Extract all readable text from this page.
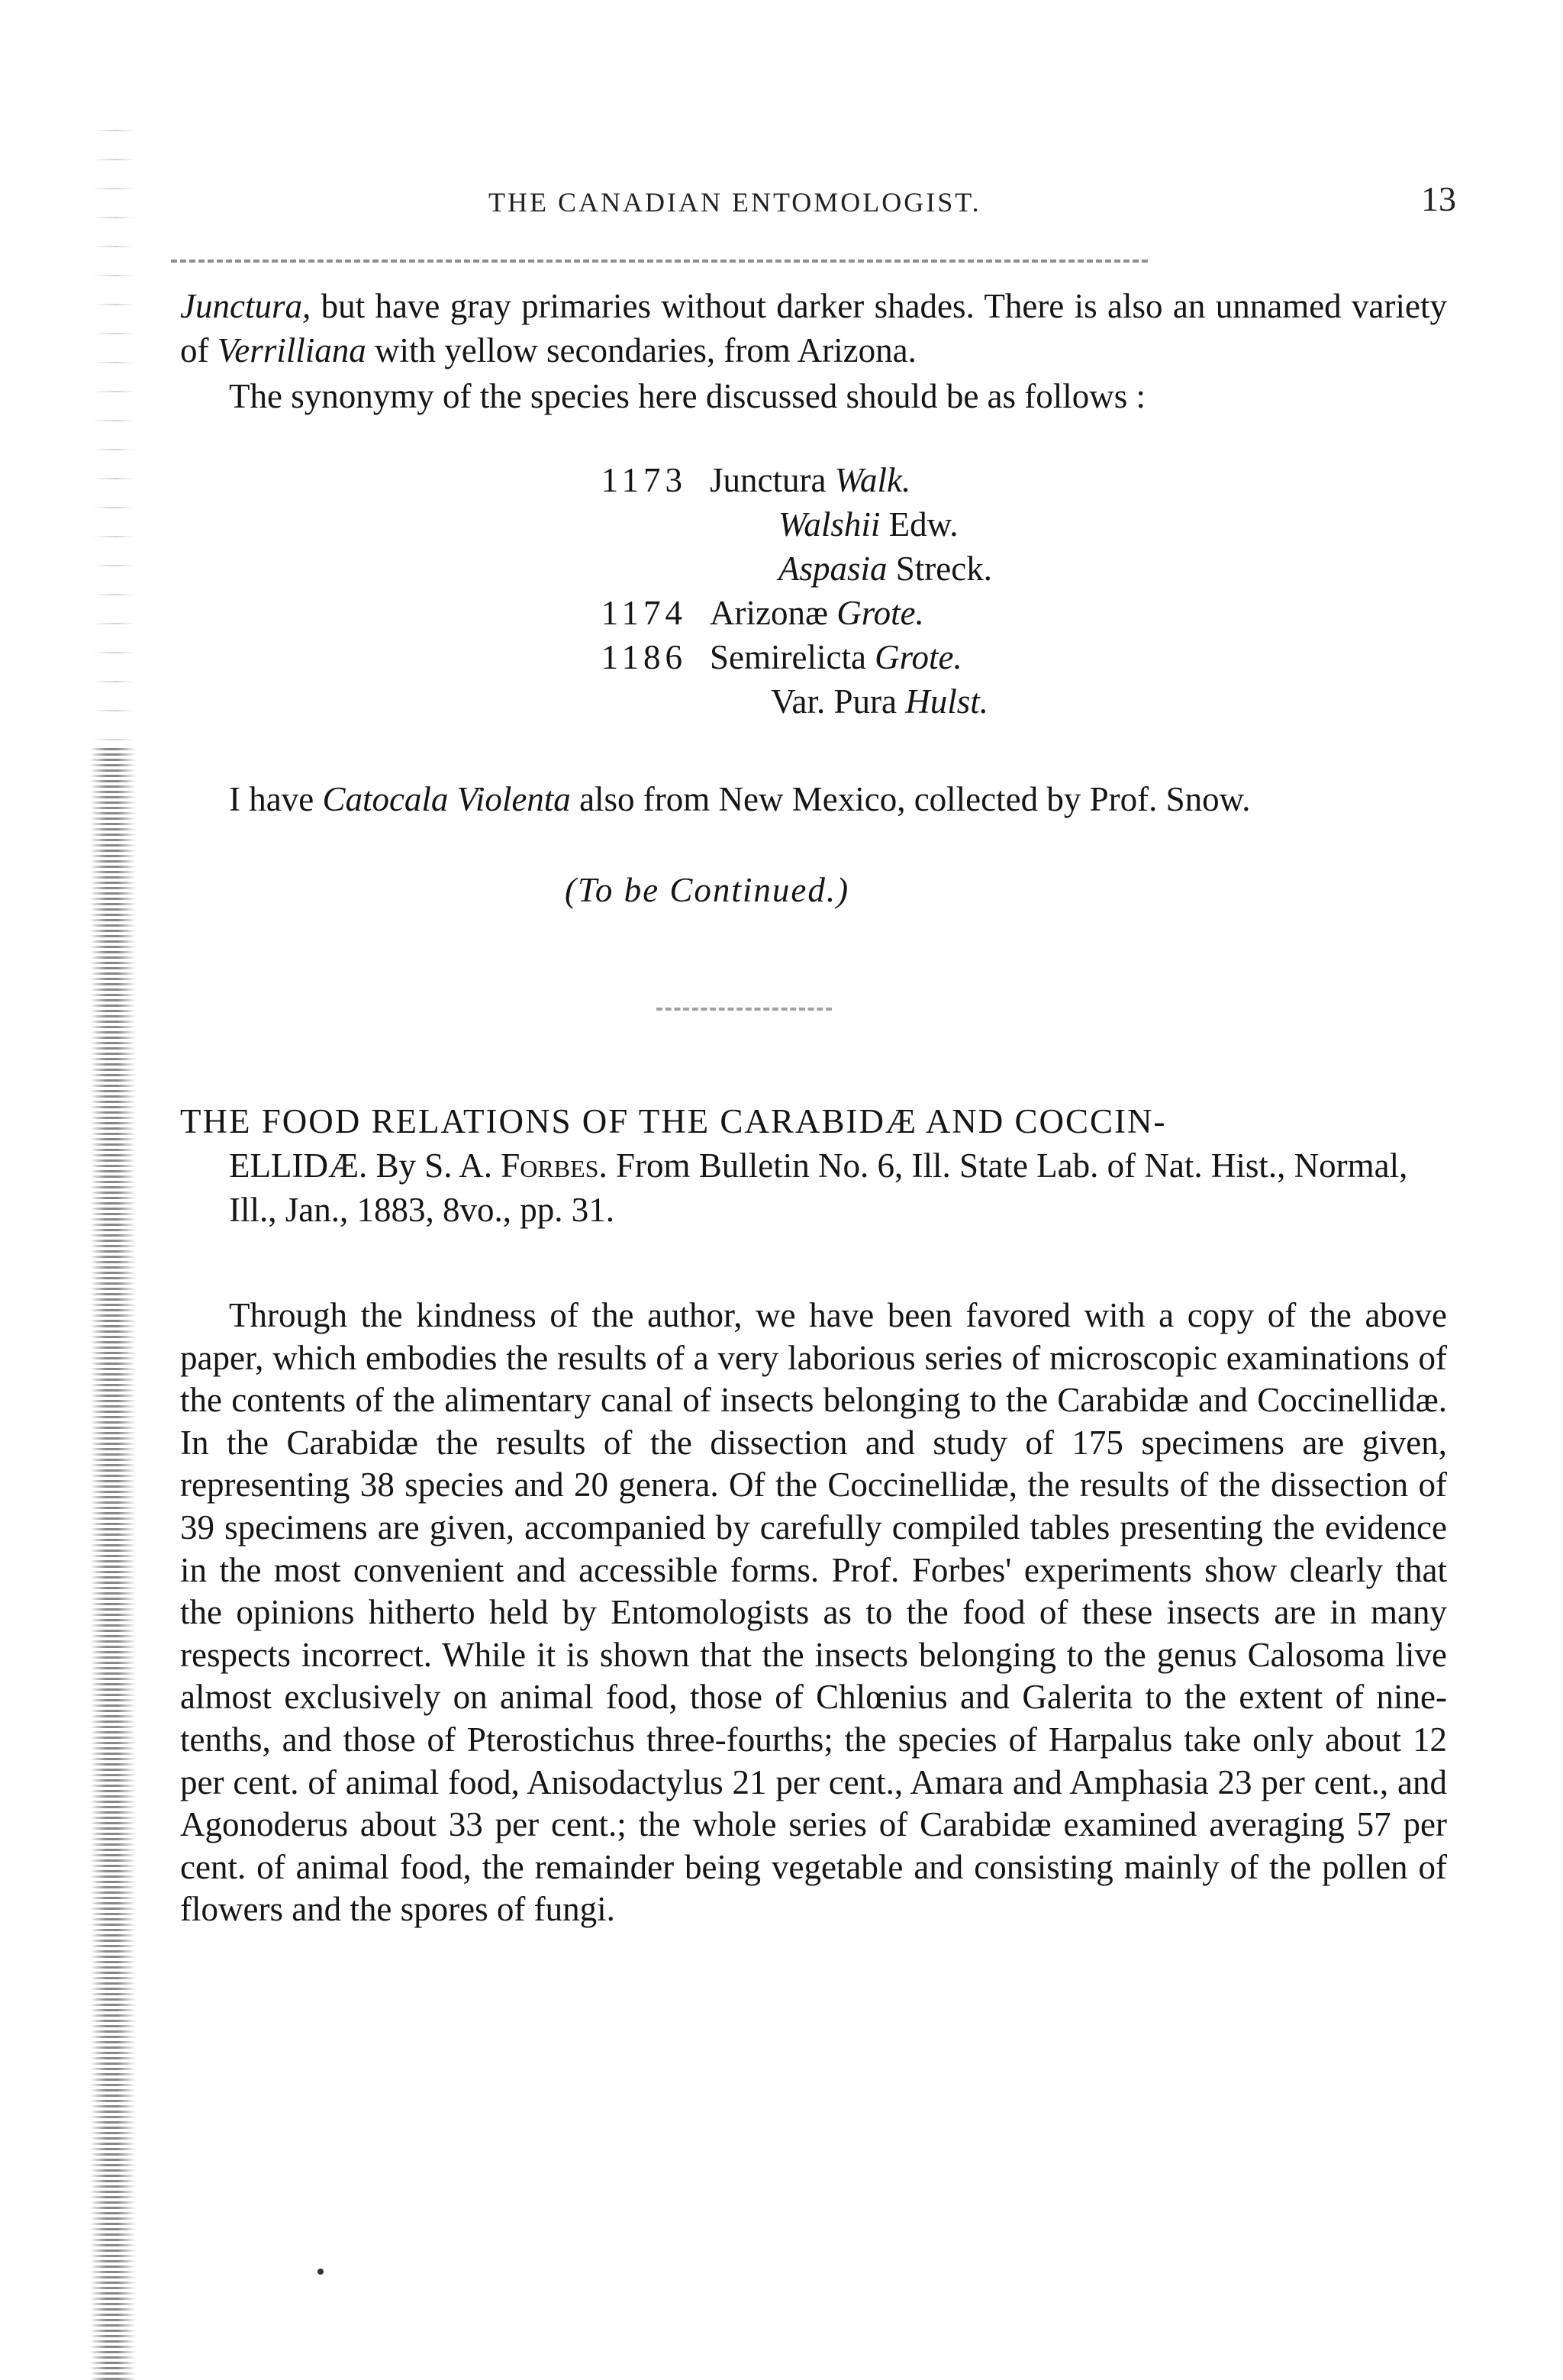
THE CANADIAN ENTOMOLOGIST.	13

Junctura, but have gray primaries without darker shades. There is also an unnamed variety of Verrilliana with yellow secondaries, from Arizona.

The synonymy of the species here discussed should be as follows :

1173 Junctura Walk.
Walshii Edw.
Aspasia Streck.
1174 Arizonæ Grote.
1186 Semirelicta Grote.
Var. Pura Hulst.

I have Catocala Violenta also from New Mexico, collected by Prof. Snow.

(To be Continued.)
THE FOOD RELATIONS OF THE CARABIDÆ AND COCCIN-
ELLIDÆ. By S. A. Forbes. From Bulletin No. 6, Ill. State Lab. of Nat. Hist., Normal, Ill., Jan., 1883, 8vo., pp. 31.

Through the kindness of the author, we have been favored with a copy of the above paper, which embodies the results of a very laborious series of microscopic examinations of the contents of the alimentary canal of insects belonging to the Carabidæ and Coccinellidæ. In the Carabidæ the results of the dissection and study of 175 specimens are given, representing 38 species and 20 genera. Of the Coccinellidæ, the results of the dissection of 39 specimens are given, accompanied by carefully compiled tables presenting the evidence in the most convenient and accessible forms. Prof. Forbes' experiments show clearly that the opinions hitherto held by Entomologists as to the food of these insects are in many respects incorrect. While it is shown that the insects belonging to the genus Calosoma live almost exclusively on animal food, those of Chlœnius and Galerita to the extent of nine-tenths, and those of Pterostichus three-fourths; the species of Harpalus take only about 12 per cent. of animal food, Anisodactylus 21 per cent., Amara and Amphasia 23 per cent., and Agonoderus about 33 per cent.; the whole series of Carabidæ examined averaging 57 per cent. of animal food, the remainder being vegetable and consisting mainly of the pollen of flowers and the spores of fungi.
